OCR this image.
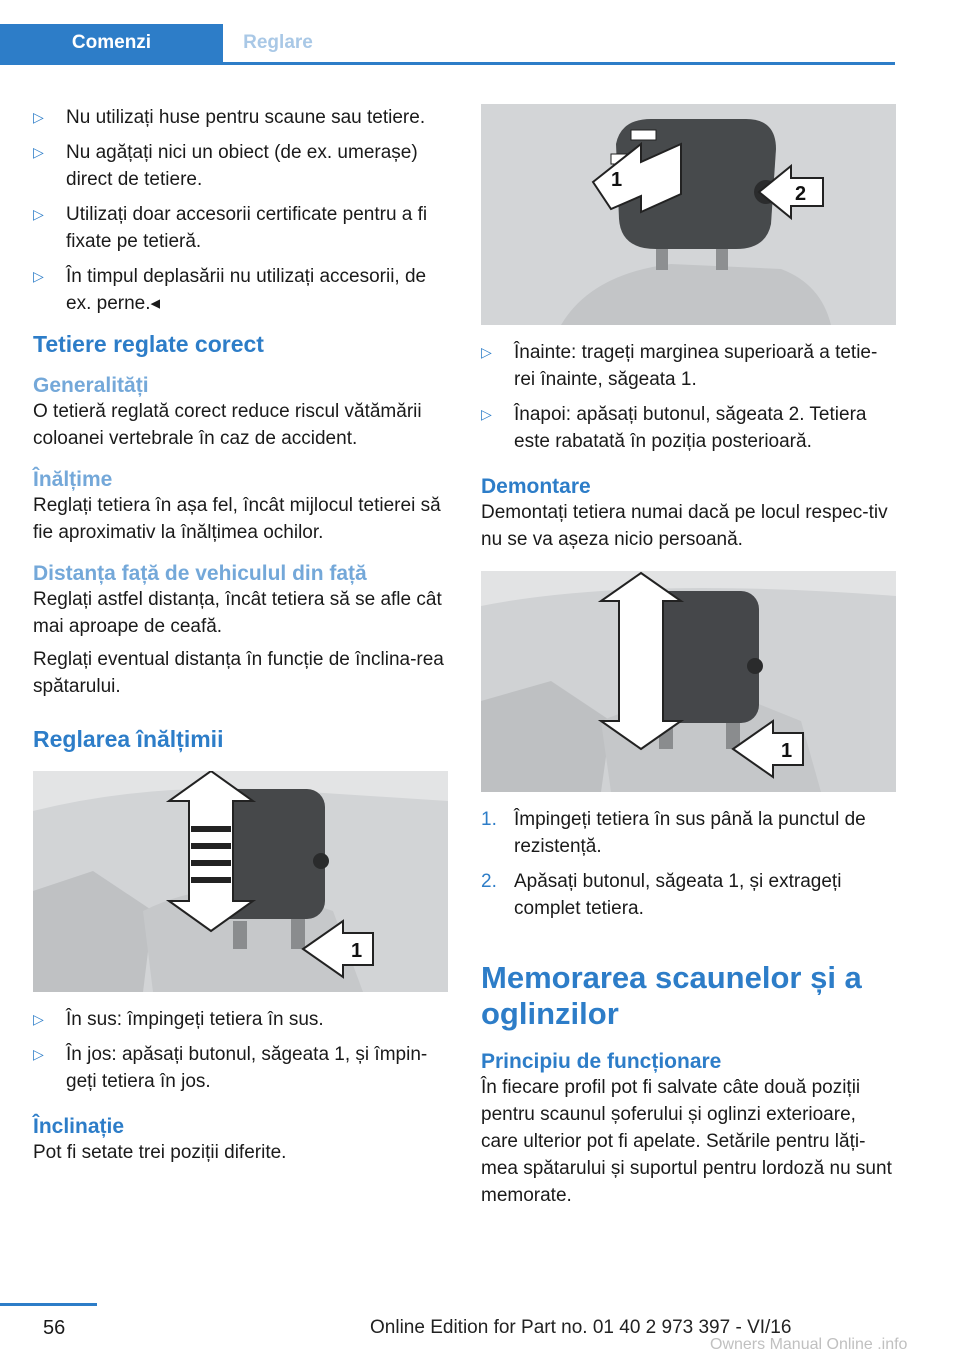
Comenzi	Reglare
▷ Nu utilizați huse pentru scaune sau tetiere.
▷ Nu agățați nici un obiect (de ex. umerașe) direct de tetiere.
▷ Utilizați doar accesorii certificate pentru a fi fixate pe tetieră.
▷ În timpul deplasării nu utilizați accesorii, de ex. perne.◂
Tetiere reglate corect
Generalități

O tetieră reglată corect reduce riscul vătămării coloanei vertebrale în caz de accident.

Înălțime

Reglați tetiera în așa fel, încât mijlocul tetierei să fie aproximativ la înălțimea ochilor.

Distanța față de vehiculul din față

Reglați astfel distanța, încât tetiera să se afle cât mai aproape de ceafă.

Reglați eventual distanța în funcție de înclina-rea spătarului.

Reglarea înălțimii
1
▷ În sus: împingeți tetiera în sus.
▷ În jos: apăsați butonul, săgeata 1, și împin-geți tetiera în jos.
Înclinație

Pot fi setate trei poziții diferite.

1
2
▷ Înainte: trageți marginea superioară a tetie-rei înainte, săgeata 1.
▷ Înapoi: apăsați butonul, săgeata 2. Tetiera este rabatată în poziția posterioară.
Demontare

Demontați tetiera numai dacă pe locul respec-tiv nu se va așeza nicio persoană.

1
1. Împingeți tetiera în sus până la punctul de rezistență.
2. Apăsați butonul, săgeata 1, și extrageți complet tetiera.
Memorarea scaunelor și a oglinzilor
Principiu de funcționare

În fiecare profil pot fi salvate câte două poziții pentru scaunul șoferului și oglinzi exterioare, care ulterior pot fi apelate. Setările pentru lăți-mea spătarului și suportul pentru lordoză nu sunt memorate.

56	Online Edition for Part no. 01 40 2 973 397 - VI/16
Owners Manual Online .info
